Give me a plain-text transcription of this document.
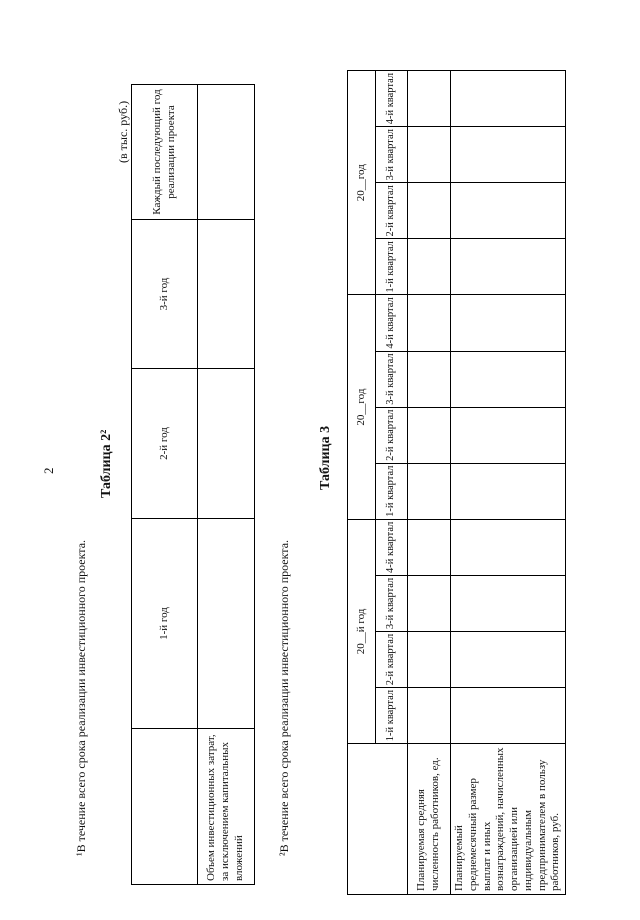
2
¹В течение всего срока реализации инвестиционного проекта.
Таблица 2²
(в тыс. руб.)
	1-й год	2-й год	3-й год	Каждый последующий год реализации проекта
Объем инвестиционных затрат, за исключением капитальных вложений				
²В течение всего срока реализации инвестиционного проекта.
Таблица 3
	20__й год				20__год				20__год			
	1-й квартал	2-й квартал	3-й квартал	4-й квартал	1-й квартал	2-й квартал	3-й квартал	4-й квартал	1-й квартал	2-й квартал	3-й квартал	4-й квартал
Планируемая средняя численность работников, ед.												
Планируемый среднемесячный размер выплат и иных вознаграждений, начисленных организацией или индивидуальным предпринимателем в пользу работников, руб.												
